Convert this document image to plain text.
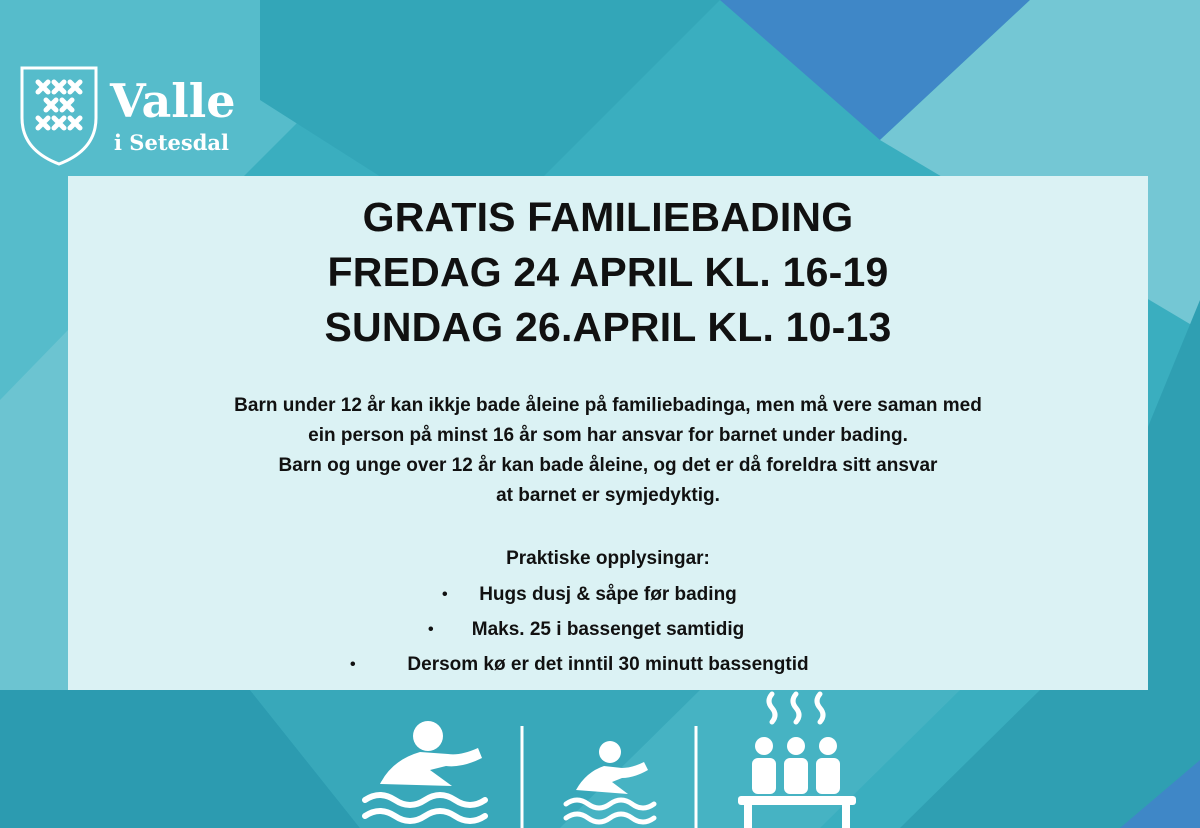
Valle

i Setesdal

GRATIS FAMILIEBADING
FREDAG 24 APRIL KL. 16-19
SUNDAG 26.APRIL KL. 10-13
Barn under 12 år kan ikkje bade åleine på familiebadinga, men må vere saman med
ein person på minst 16 år som har ansvar for barnet under bading.
Barn og unge over 12 år kan bade åleine, og det er då foreldra sitt ansvar
at barnet er symjedyktig.
Praktiske opplysingar:
• Hugs dusj & såpe før bading
• Maks. 25 i bassenget samtidig
•	Dersom kø er det inntil 30 minutt bassengtid
